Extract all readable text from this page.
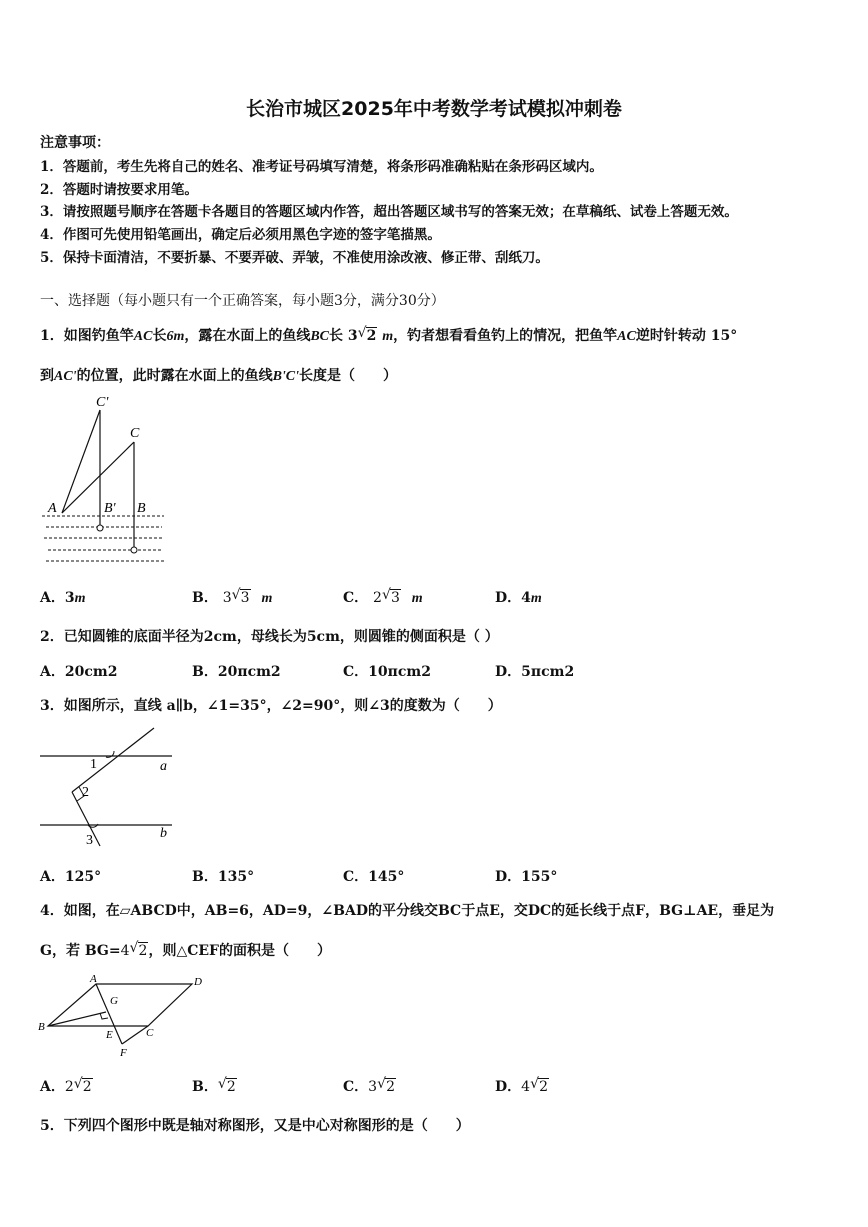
长治市城区2025年中考数学考试模拟冲刺卷
注意事项：
1．答题前，考生先将自己的姓名、准考证号码填写清楚，将条形码准确粘贴在条形码区域内。
2．答题时请按要求用笔。
3．请按照题号顺序在答题卡各题目的答题区域内作答，超出答题区域书写的答案无效；在草稿纸、试卷上答题无效。
4．作图可先使用铅笔画出，确定后必须用黑色字迹的签字笔描黑。
5．保持卡面清洁，不要折暴、不要弄破、弄皱，不准使用涂改液、修正带、刮纸刀。
一、选择题（每小题只有一个正确答案，每小题3分，满分30分）
1．如图钓鱼竿AC长6m，露在水面上的鱼线BC长 3 √ 2 m，钓者想看看鱼钓上的情况，把鱼竿AC逆时针转动 15°
到AC'的位置，此时露在水面上的鱼线B'C'长度是（　　）
C'
C
A	B' B
A．3m	B． 3 √ 3 m	C． 2 √ 3 m	D．4m
2．已知圆锥的底面半径为2cm，母线长为5cm，则圆锥的侧面积是（ ）
A．20cm2	B．20πcm2	C．10πcm2	D．5πcm2
3．如图所示，直线 a∥b，∠1=35°，∠2=90°，则∠3的度数为（　　）
1
2
3
a
b
A．125°	B．135°	C．145°	D．155°
4．如图，在▱ABCD中，AB=6，AD=9，∠BAD的平分线交BC于点E，交DC的延长线于点F，BG⊥AE，垂足为
G，若 BG=4 √ 2，则△CEF的面积是（　　）
A	D
G
B
E	C
F
A．2 √ 2	B． √ 2	C．3 √ 2	D．4 √ 2
5．下列四个图形中既是轴对称图形，又是中心对称图形的是（　　）
